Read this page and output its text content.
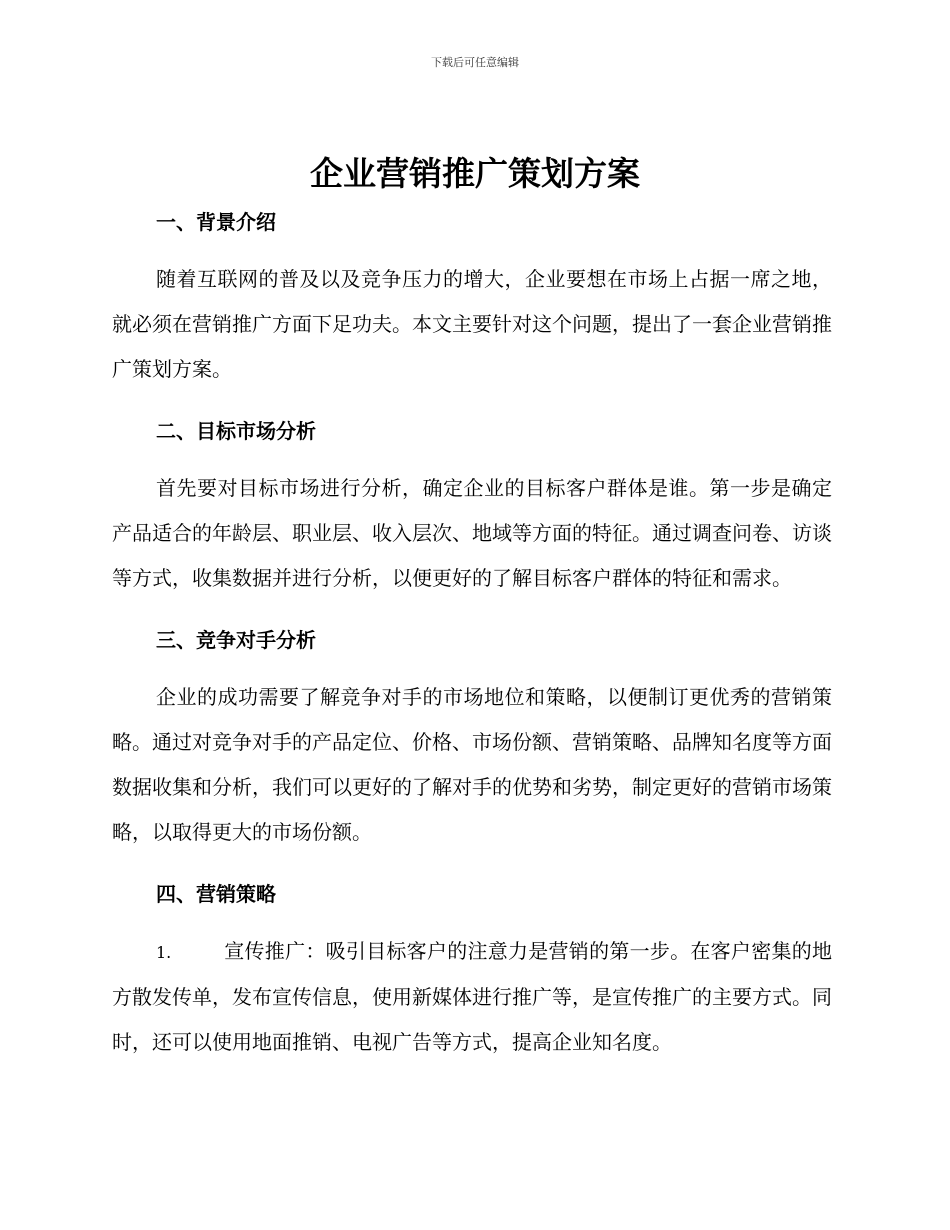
下载后可任意编辑
企业营销推广策划方案
一、背景介绍

随着互联网的普及以及竞争压力的增大，企业要想在市场上占据一席之地，就必须在营销推广方面下足功夫。本文主要针对这个问题，提出了一套企业营销推广策划方案。

二、目标市场分析

首先要对目标市场进行分析，确定企业的目标客户群体是谁。第一步是确定产品适合的年龄层、职业层、收入层次、地域等方面的特征。通过调查问卷、访谈等方式，收集数据并进行分析，以便更好的了解目标客户群体的特征和需求。

三、竞争对手分析

企业的成功需要了解竞争对手的市场地位和策略，以便制订更优秀的营销策略。通过对竞争对手的产品定位、价格、市场份额、营销策略、品牌知名度等方面数据收集和分析，我们可以更好的了解对手的优势和劣势，制定更好的营销市场策略，以取得更大的市场份额。

四、营销策略

1.	宣传推广：吸引目标客户的注意力是营销的第一步。在客户密集的地方散发传单，发布宣传信息，使用新媒体进行推广等，是宣传推广的主要方式。同时，还可以使用地面推销、电视广告等方式，提高企业知名度。
